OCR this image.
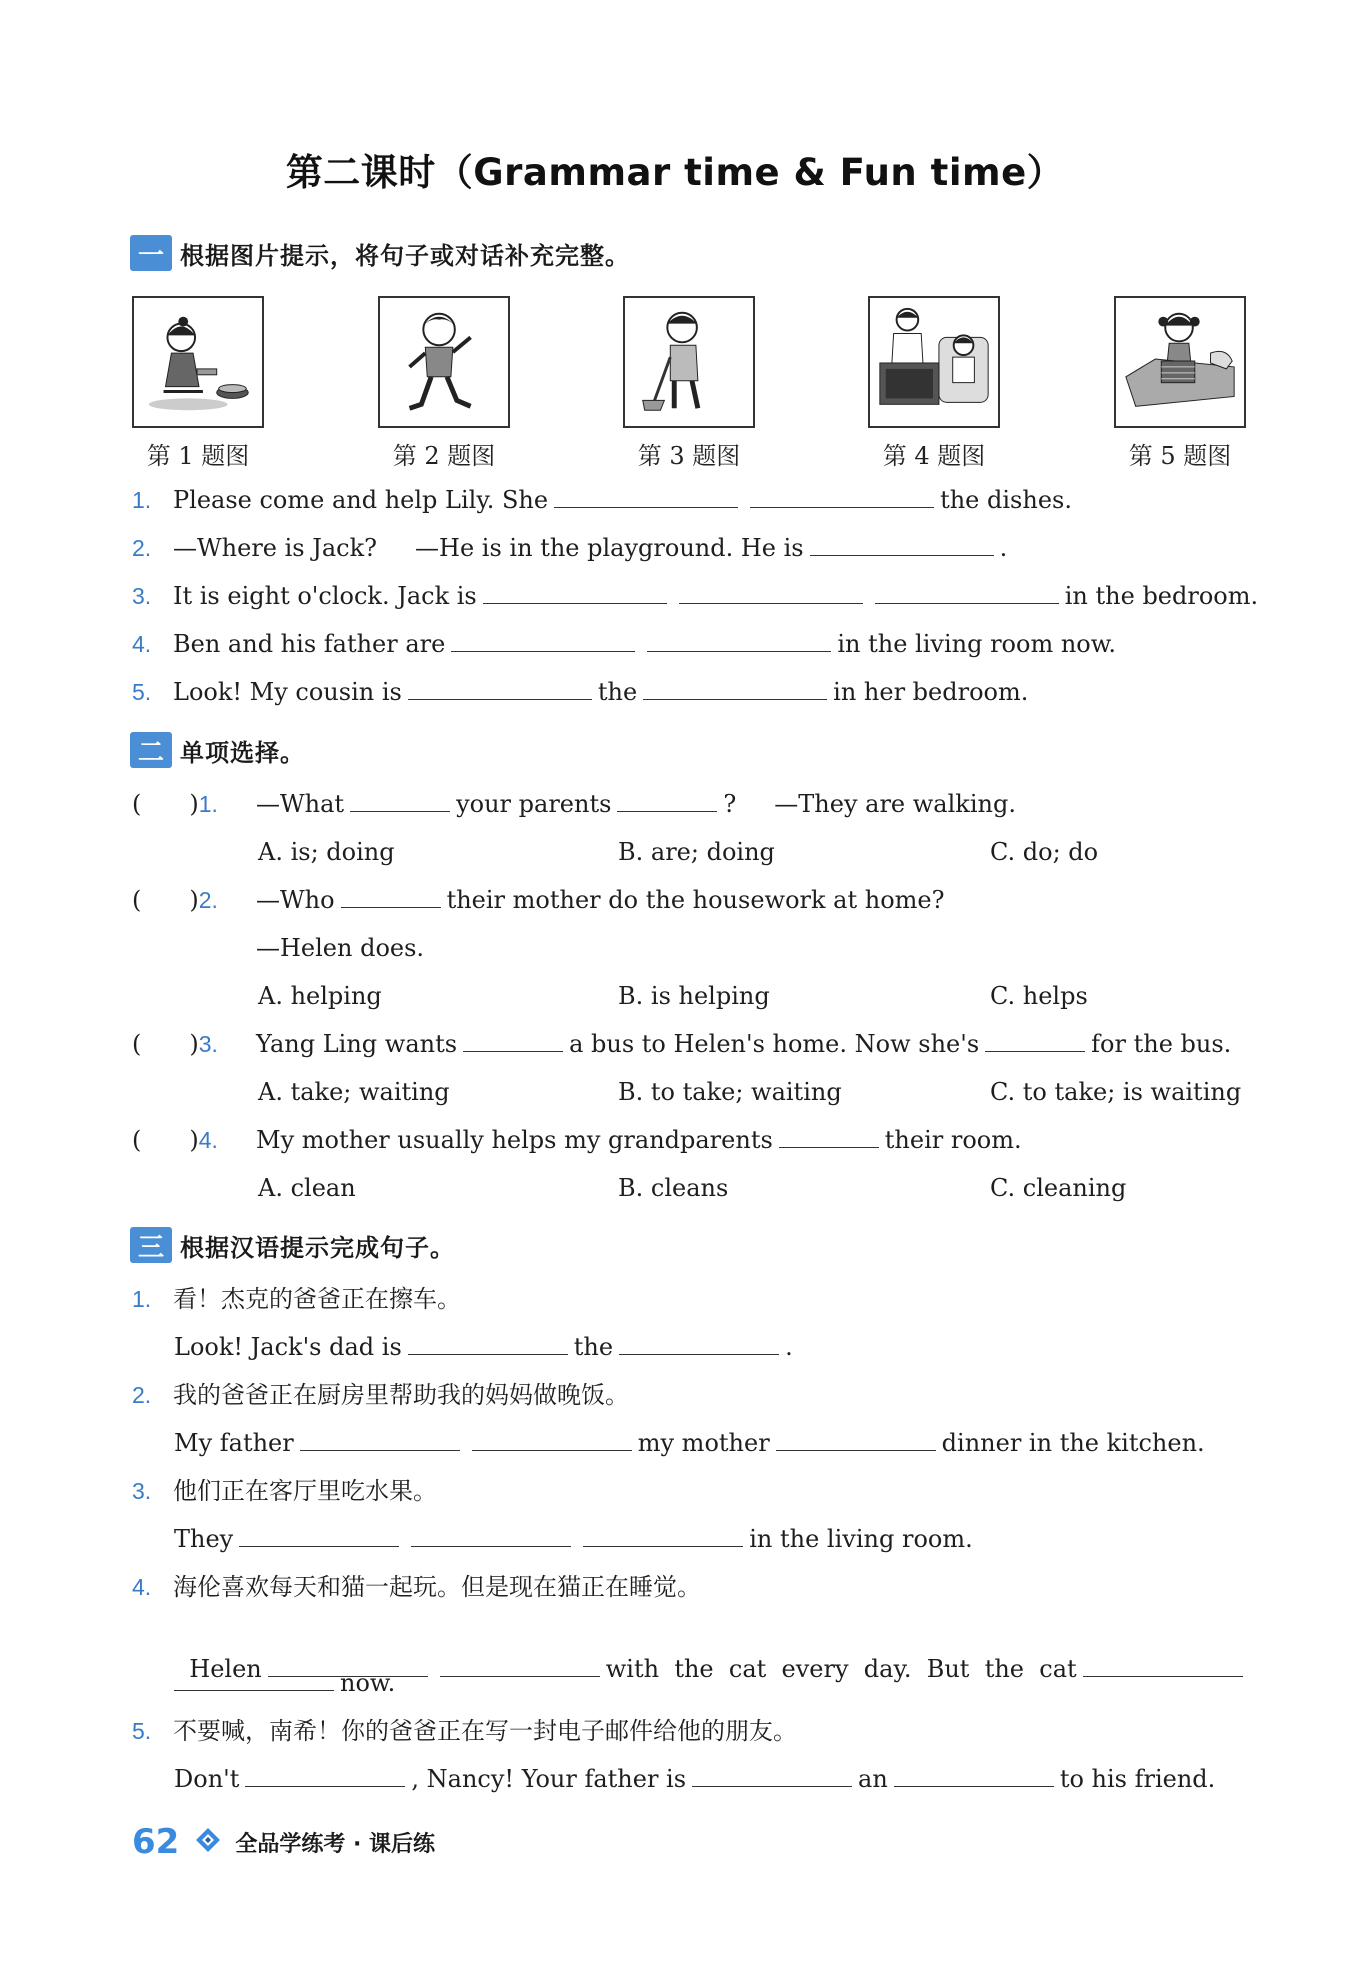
第二课时（Grammar time & Fun time）
一 根据图片提示，将句子或对话补充完整。
第 1 题图	第 2 题图	第 3 题图	第 4 题图	第 5 题图
1. Please come and help Lily. She	the dishes.
2. —Where is Jack? —He is in the playground. He is	.
3. It is eight o'clock. Jack is	in the bedroom.
4. Ben and his father are	in the living room now.
5. Look! My cousin is	the	in her bedroom.
二 单项选择。
(　　)1. —What	your parents	? —They are walking.
A. is; doing	B. are; doing	C. do; do
(　　)2. —Who	their mother do the housework at home?
—Helen does.
A. helping	B. is helping	C. helps
(　　)3. Yang Ling wants	a bus to Helen's home. Now she's	for the bus.
A. take; waiting	B. to take; waiting	C. to take; is waiting
(　　)4. My mother usually helps my grandparents	their room.
A. clean	B. cleans	C. cleaning
三 根据汉语提示完成句子。
1. 看！杰克的爸爸正在擦车。
Look! Jack's dad is	the	.
2. 我的爸爸正在厨房里帮助我的妈妈做晚饭。
My father	my mother	dinner in the kitchen.
3. 他们正在客厅里吃水果。
They	in the living room.
4. 海伦喜欢每天和猫一起玩。但是现在猫正在睡觉。

Helen	with  the  cat  every  day.  But  the  cat

now.
5. 不要喊，南希！你的爸爸正在写一封电子邮件给他的朋友。
Don't	, Nancy! Your father is	an	to his friend.
62	全品学练考 · 课后练
